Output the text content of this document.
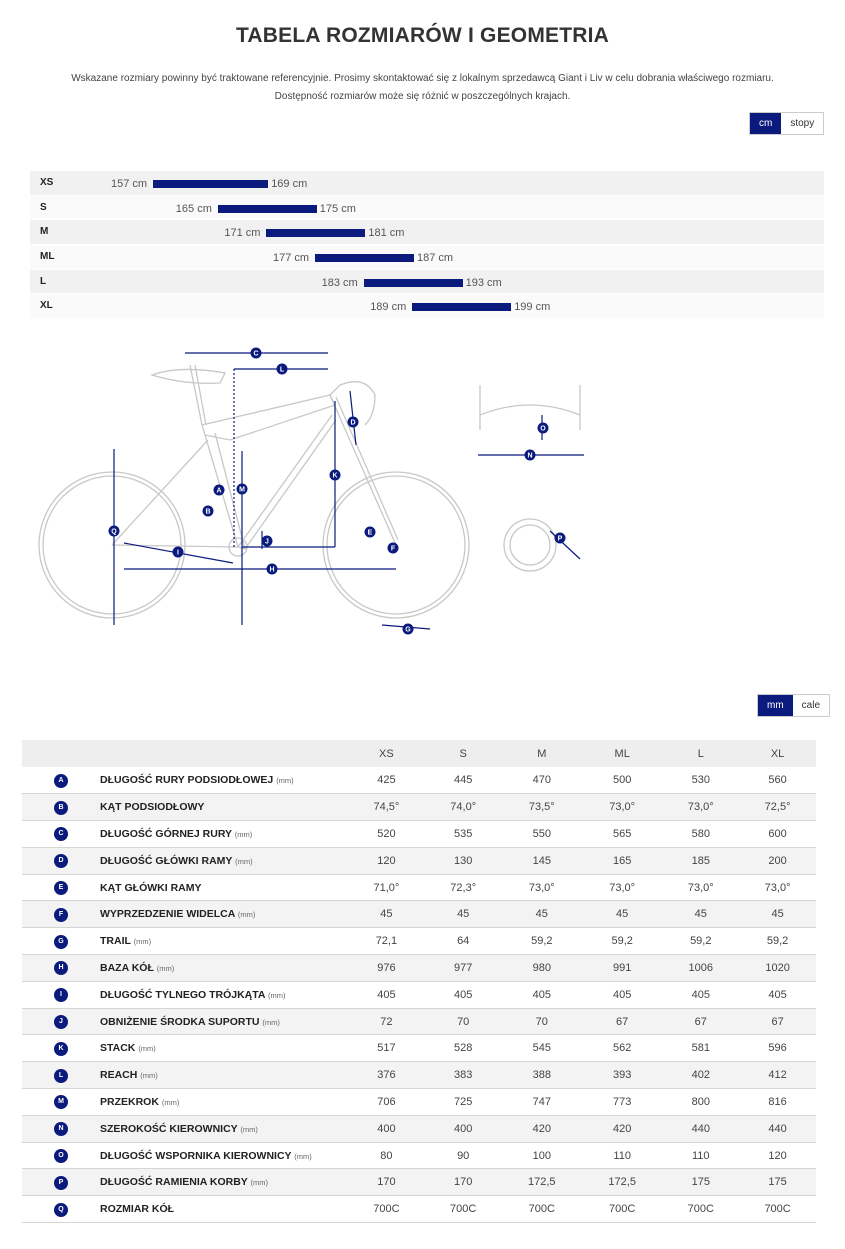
TABELA ROZMIARÓW I GEOMETRIA
Wskazane rozmiary powinny być traktowane referencyjnie. Prosimy skontaktować się z lokalnym sprzedawcą Giant i Liv w celu dobrania właściwego rozmiaru.
Dostępność rozmiarów może się różnić w poszczególnych krajach.
cm	stopy
XS	157 cm	169 cm
S	165 cm	175 cm
M	171 cm	181 cm
ML	177 cm	187 cm
L	183 cm	193 cm
XL	189 cm	199 cm
A
B
C
D
E
F
G
H
I
J
K
L
M
N
O
P
Q
mm	cale
		XS	S	M	ML	L	XL
A	DŁUGOŚĆ RURY PODSIODŁOWEJ (mm)	425	445	470	500	530	560
B	KĄT PODSIODŁOWY	74,5°	74,0°	73,5°	73,0°	73,0°	72,5°
C	DŁUGOŚĆ GÓRNEJ RURY (mm)	520	535	550	565	580	600
D	DŁUGOŚĆ GŁÓWKI RAMY (mm)	120	130	145	165	185	200
E	KĄT GŁÓWKI RAMY	71,0°	72,3°	73,0°	73,0°	73,0°	73,0°
F	WYPRZEDZENIE WIDELCA (mm)	45	45	45	45	45	45
G	TRAIL (mm)	72,1	64	59,2	59,2	59,2	59,2
H	BAZA KÓŁ (mm)	976	977	980	991	1006	1020
I	DŁUGOŚĆ TYLNEGO TRÓJKĄTA (mm)	405	405	405	405	405	405
J	OBNIŻENIE ŚRODKA SUPORTU (mm)	72	70	70	67	67	67
K	STACK (mm)	517	528	545	562	581	596
L	REACH (mm)	376	383	388	393	402	412
M	PRZEKROK (mm)	706	725	747	773	800	816
N	SZEROKOŚĆ KIEROWNICY (mm)	400	400	420	420	440	440
O	DŁUGOŚĆ WSPORNIKA KIEROWNICY (mm)	80	90	100	110	110	120
P	DŁUGOŚĆ RAMIENIA KORBY (mm)	170	170	172,5	172,5	175	175
Q	ROZMIAR KÓŁ	700C	700C	700C	700C	700C	700C
